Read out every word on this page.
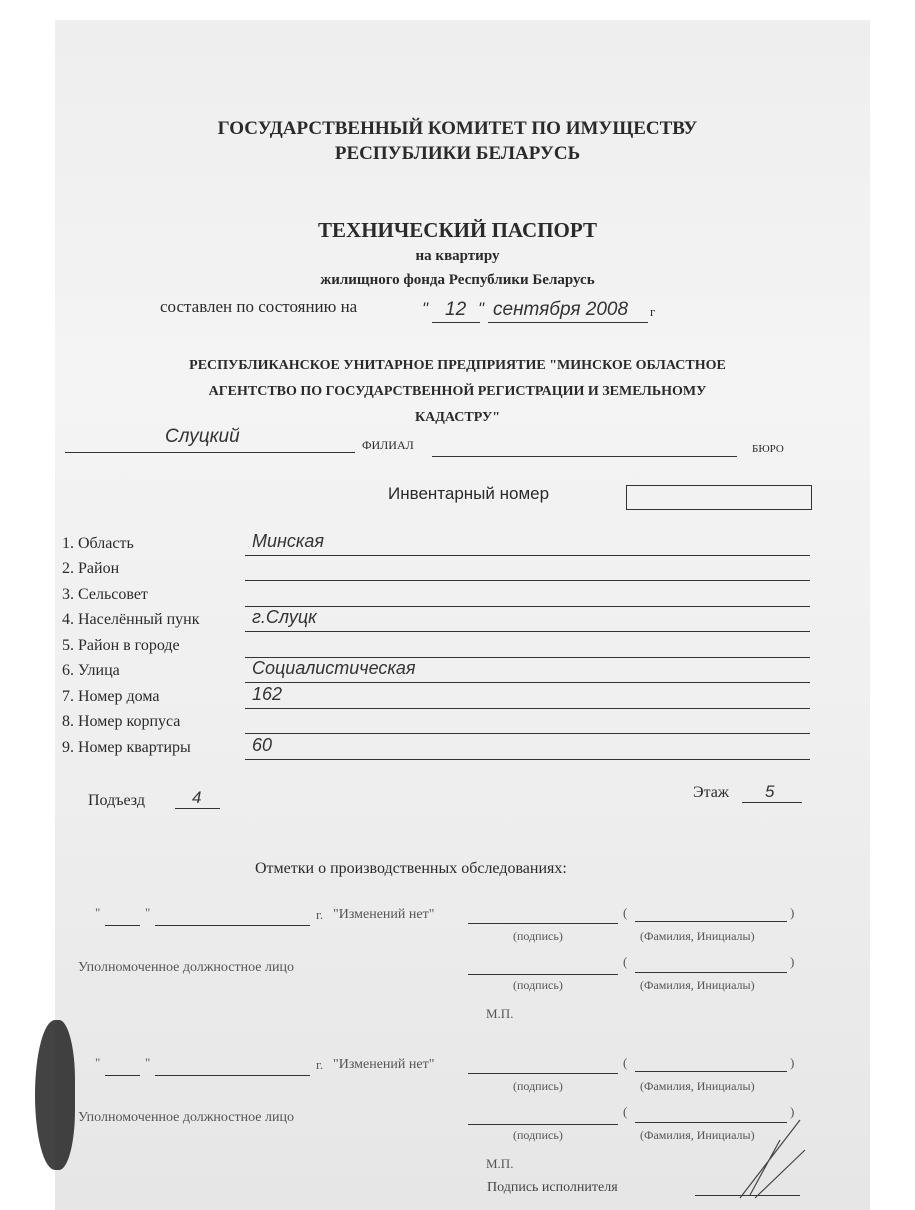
ГОСУДАРСТВЕННЫЙ КОМИТЕТ ПО ИМУЩЕСТВУ
РЕСПУБЛИКИ БЕЛАРУСЬ
ТЕХНИЧЕСКИЙ ПАСПОРТ
на квартиру
жилищного фонда Республики Беларусь
составлен по состоянию на	" 12 " сентября 2008 г
РЕСПУБЛИКАНСКОЕ УНИТАРНОЕ ПРЕДПРИЯТИЕ "МИНСКОЕ ОБЛАСТНОЕ
АГЕНТСТВО ПО ГОСУДАРСТВЕННОЙ РЕГИСТРАЦИИ И ЗЕМЕЛЬНОМУ
КАДАСТРУ"
Слуцкий	ФИЛИАЛ	БЮРО
Инвентарный номер
1. Область	Минская
2. Район
3. Сельсовет
4. Населённый пунк	г.Слуцк
5. Район в городе
6. Улица	Социалистическая
7. Номер дома	162
8. Номер корпуса
9. Номер квартиры	60
Подъезд	4	Этаж 5
Отметки о производственных обследованиях:
"	"	г. "Изменений нет"	(	)
(подпись)	(Фамилия, Инициалы)
Уполномоченное должностное лицо	(	)
(подпись)	(Фамилия, Инициалы)
М.П.
"	"	г. "Изменений нет"	(	)
(подпись)	(Фамилия, Инициалы)
Уполномоченное должностное лицо	(	)
(подпись)	(Фамилия, Инициалы)
М.П.
Подпись исполнителя
